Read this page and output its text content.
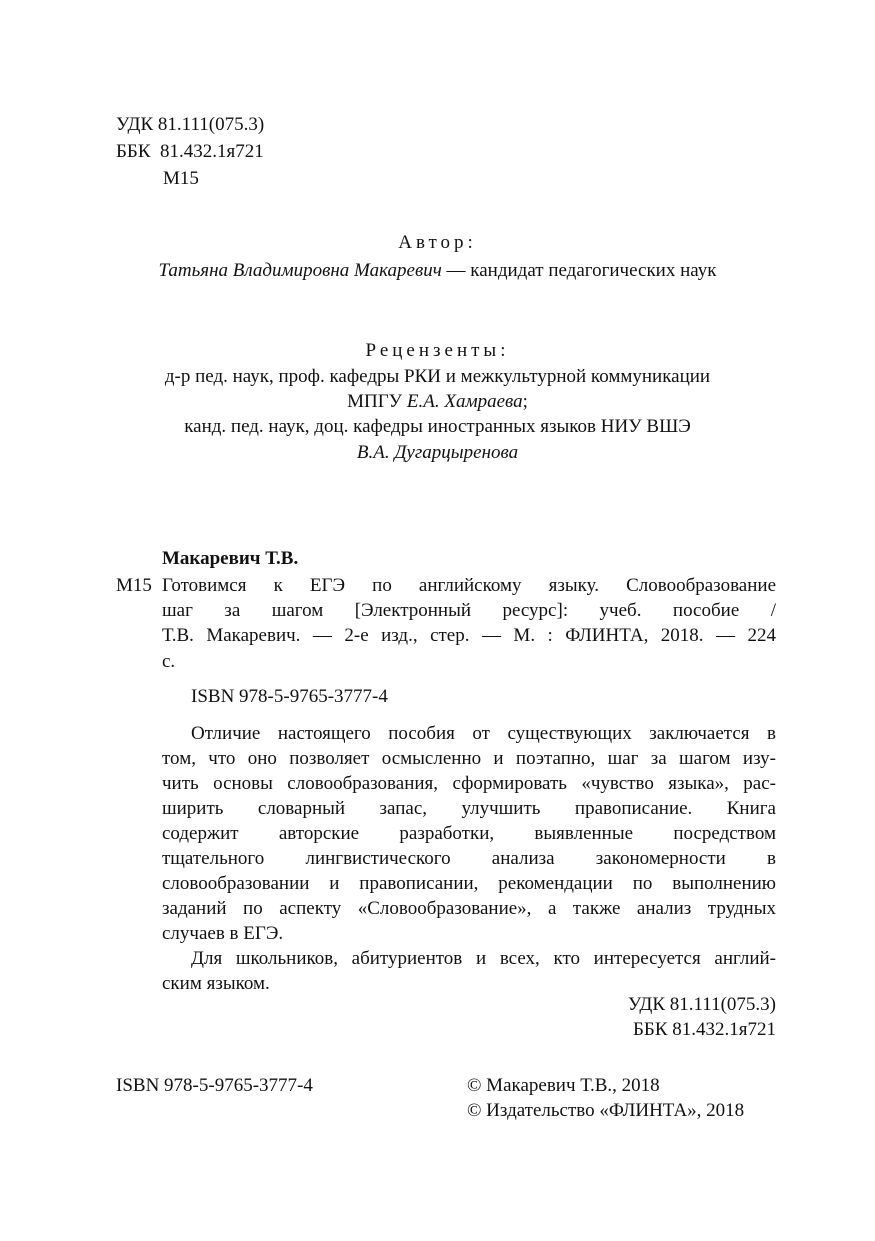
УДК 81.111(075.3)
ББК 81.432.1я721
М15
Автор:
Татьяна Владимировна Макаревич — кандидат педагогических наук
Рецензенты:
д-р пед. наук, проф. кафедры РКИ и межкультурной коммуникации
МПГУ Е.А. Хамраева;
канд. пед. наук, доц. кафедры иностранных языков НИУ ВШЭ
В.А. Дугарцыренова
Макаревич Т.В.
М15 Готовимся к ЕГЭ по английскому языку. Словообразование
шаг за шагом [Электронный ресурс]: учеб. пособие /
Т.В. Макаревич. — 2-е изд., стер. — М. : ФЛИНТА, 2018. — 224
с.
ISBN 978-5-9765-3777-4
Отличие настоящего пособия от существующих заключается в
том, что оно позволяет осмысленно и поэтапно, шаг за шагом изу-
чить основы словообразования, сформировать «чувство языка», рас-
ширить словарный запас, улучшить правописание. Книга
содержит авторские разработки, выявленные посредством
тщательного лингвистического анализа закономерности в
словообразовании и правописании, рекомендации по выполнению
заданий по аспекту «Словообразование», а также анализ трудных
случаев в ЕГЭ.
Для школьников, абитуриентов и всех, кто интересуется англий-
ским языком.
УДК 81.111(075.3)
ББК 81.432.1я721
ISBN 978-5-9765-3777-4	© Макаревич Т.В., 2018
© Издательство «ФЛИНТА», 2018
